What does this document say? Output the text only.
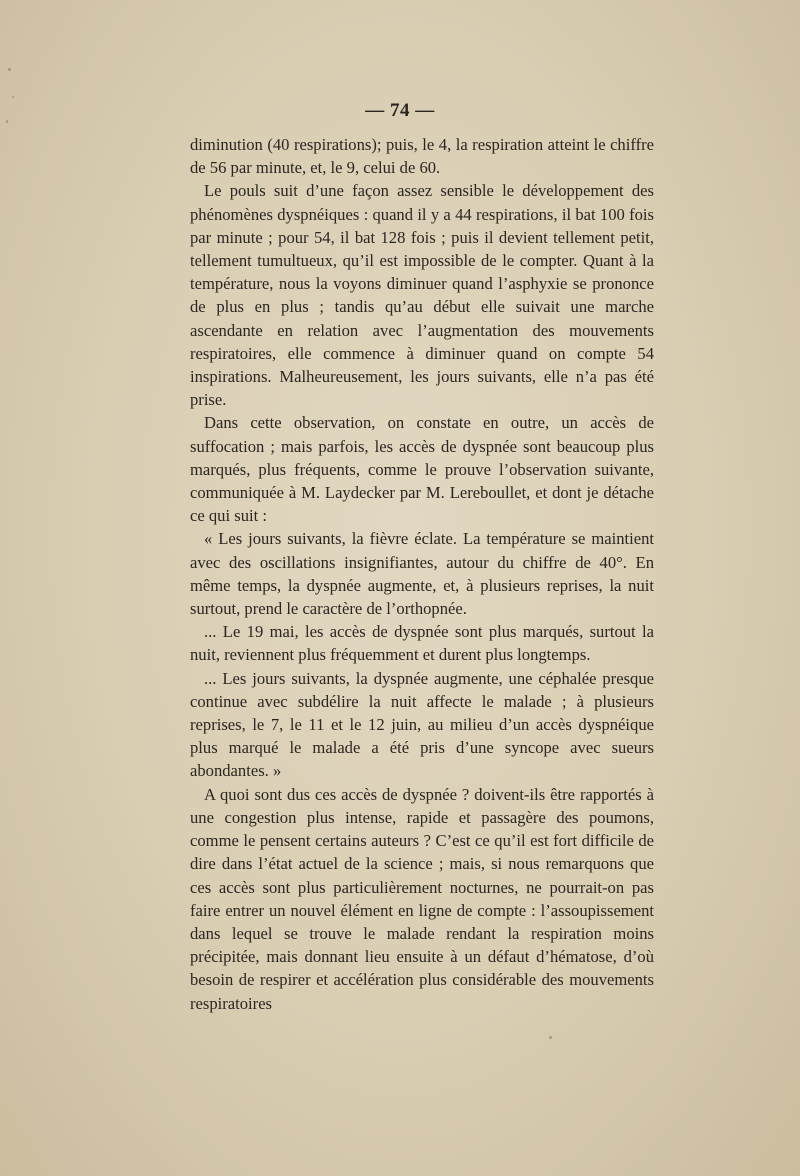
— 74 —

diminution (40 respirations); puis, le 4, la respiration atteint le chiffre de 56 par minute, et, le 9, celui de 60.

Le pouls suit d’une façon assez sensible le développement des phénomènes dyspnéiques : quand il y a 44 respirations, il bat 100 fois par minute ; pour 54, il bat 128 fois ; puis il devient tellement petit, tellement tumultueux, qu’il est impossible de le compter. Quant à la température, nous la voyons diminuer quand l’asphyxie se prononce de plus en plus ; tandis qu’au début elle suivait une marche ascendante en relation avec l’augmentation des mouvements respiratoires, elle commence à diminuer quand on compte 54 inspirations. Malheureusement, les jours suivants, elle n’a pas été prise.

Dans cette observation, on constate en outre, un accès de suffocation ; mais parfois, les accès de dyspnée sont beaucoup plus marqués, plus fréquents, comme le prouve l’observation suivante, communiquée à M. Laydecker par M. Lereboullet, et dont je détache ce qui suit :

« Les jours suivants, la fièvre éclate. La température se maintient avec des oscillations insignifiantes, autour du chiffre de 40°. En même temps, la dyspnée augmente, et, à plusieurs reprises, la nuit surtout, prend le caractère de l’orthopnée.

... Le 19 mai, les accès de dyspnée sont plus marqués, surtout la nuit, reviennent plus fréquemment et durent plus longtemps.

... Les jours suivants, la dyspnée augmente, une céphalée presque continue avec subdélire la nuit affecte le malade ; à plusieurs reprises, le 7, le 11 et le 12 juin, au milieu d’un accès dyspnéique plus marqué le malade a été pris d’une syncope avec sueurs abondantes. »

A quoi sont dus ces accès de dyspnée ? doivent-ils être rapportés à une congestion plus intense, rapide et passagère des poumons, comme le pensent certains auteurs ? C’est ce qu’il est fort difficile de dire dans l’état actuel de la science ; mais, si nous remarquons que ces accès sont plus particulièrement nocturnes, ne pourrait-on pas faire entrer un nouvel élément en ligne de compte : l’assoupissement dans lequel se trouve le malade rendant la respiration moins précipitée, mais donnant lieu ensuite à un défaut d’hématose, d’où besoin de respirer et accélération plus considérable des mouvements respiratoires
